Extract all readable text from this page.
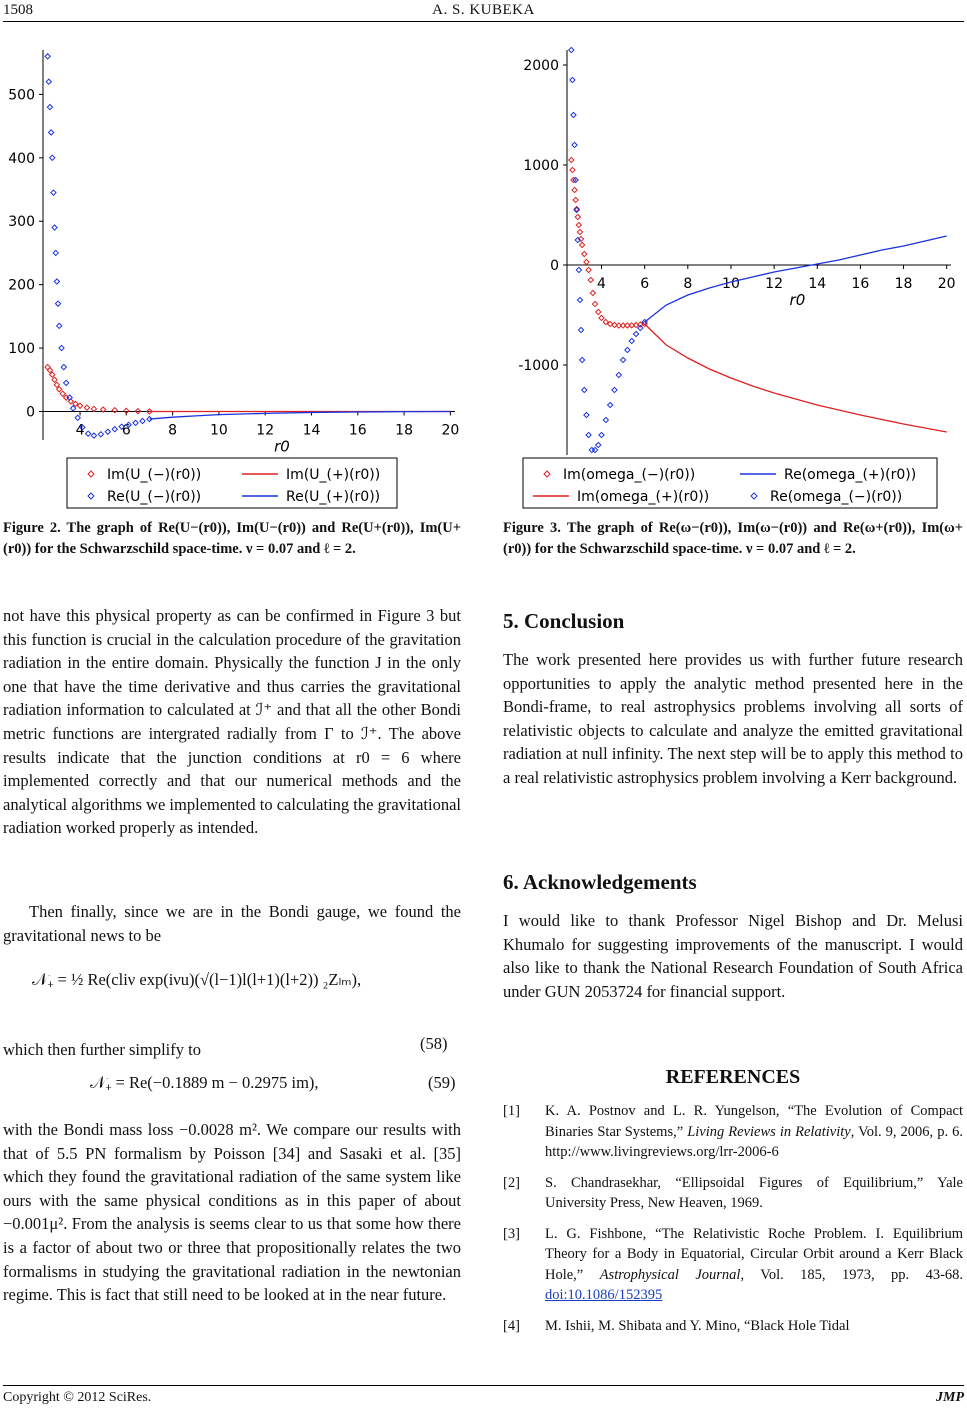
1508	A. S. KUBEKA
0
100
200
300
400
500
4	6	8 10 12 14 16 18 20
r0
Im(U_(−)(r0))	Im(U_(+)(r0))
Re(U_(−)(r0))	Re(U_(+)(r0))
Figure 2. The graph of Re(U−(r0)), Im(U−(r0)) and Re(U+(r0)), Im(U+(r0)) for the Schwarzschild space-time. ν = 0.07 and ℓ = 2.
-1000
0
1000
2000
4 6 8 10 12 14 16 18 20
r0
Im(omega_(−)(r0))	Re(omega_(+)(r0))
Im(omega_(+)(r0))	Re(omega_(−)(r0))
Figure 3. The graph of Re(ω−(r0)), Im(ω−(r0)) and Re(ω+(r0)), Im(ω+(r0)) for the Schwarzschild space-time. ν = 0.07 and ℓ = 2.

not have this physical property as can be confirmed in Figure 3 but this function is crucial in the calculation procedure of the gravitation radiation in the entire domain. Physically the function J in the only one that have the time derivative and thus carries the gravitational radiation information to calculated at ℐ⁺ and that all the other Bondi metric functions are intergrated radially from Γ to ℐ⁺. The above results indicate that the junction conditions at r0 = 6 where implemented correctly and that our numerical methods and the analytical algorithms we implemented to calculating the gravitational radiation worked properly as intended.

Then finally, since we are in the Bondi gauge, we found the gravitational news to be

𝒩₊ = ½ Re(cliν exp(iνu)(√(l−1)l(l+1)(l+2)) ₂Zₗₘ),
(58)

which then further simplify to

𝒩₊ = Re(−0.1889 m − 0.2975 im),	(59)

with the Bondi mass loss −0.0028 m². We compare our results with that of 5.5 PN formalism by Poisson [34] and Sasaki et al. [35] which they found the gravitational radiation of the same system like ours with the same physical conditions as in this paper of about −0.001μ². From the analysis is seems clear to us that some how there is a factor of about two or three that propositionally relates the two formalisms in studying the gravitational radiation in the newtonian regime. This is fact that still need to be looked at in the near future.

5. Conclusion

The work presented here provides us with further future research opportunities to apply the analytic method presented here in the Bondi-frame, to real astrophysics problems involving all sorts of relativistic objects to calculate and analyze the emitted gravitational radiation at null infinity. The next step will be to apply this method to a real relativistic astrophysics problem involving a Kerr background.

6. Acknowledgements

I would like to thank Professor Nigel Bishop and Dr. Melusi Khumalo for suggesting improvements of the manuscript. I would also like to thank the National Research Foundation of South Africa under GUN 2053724 for financial support.

REFERENCES
[1] K. A. Postnov and L. R. Yungelson, “The Evolution of Compact Binaries Star Systems,” Living Reviews in Relativity, Vol. 9, 2006, p. 6. http://www.livingreviews.org/lrr-2006-6
[2] S. Chandrasekhar, “Ellipsoidal Figures of Equilibrium,” Yale University Press, New Heaven, 1969.
[3] L. G. Fishbone, “The Relativistic Roche Problem. I. Equilibrium Theory for a Body in Equatorial, Circular Orbit around a Kerr Black Hole,” Astrophysical Journal, Vol. 185, 1973, pp. 43-68. doi:10.1086/152395
[4] M. Ishii, M. Shibata and Y. Mino, “Black Hole Tidal
Copyright © 2012 SciRes.	JMP
